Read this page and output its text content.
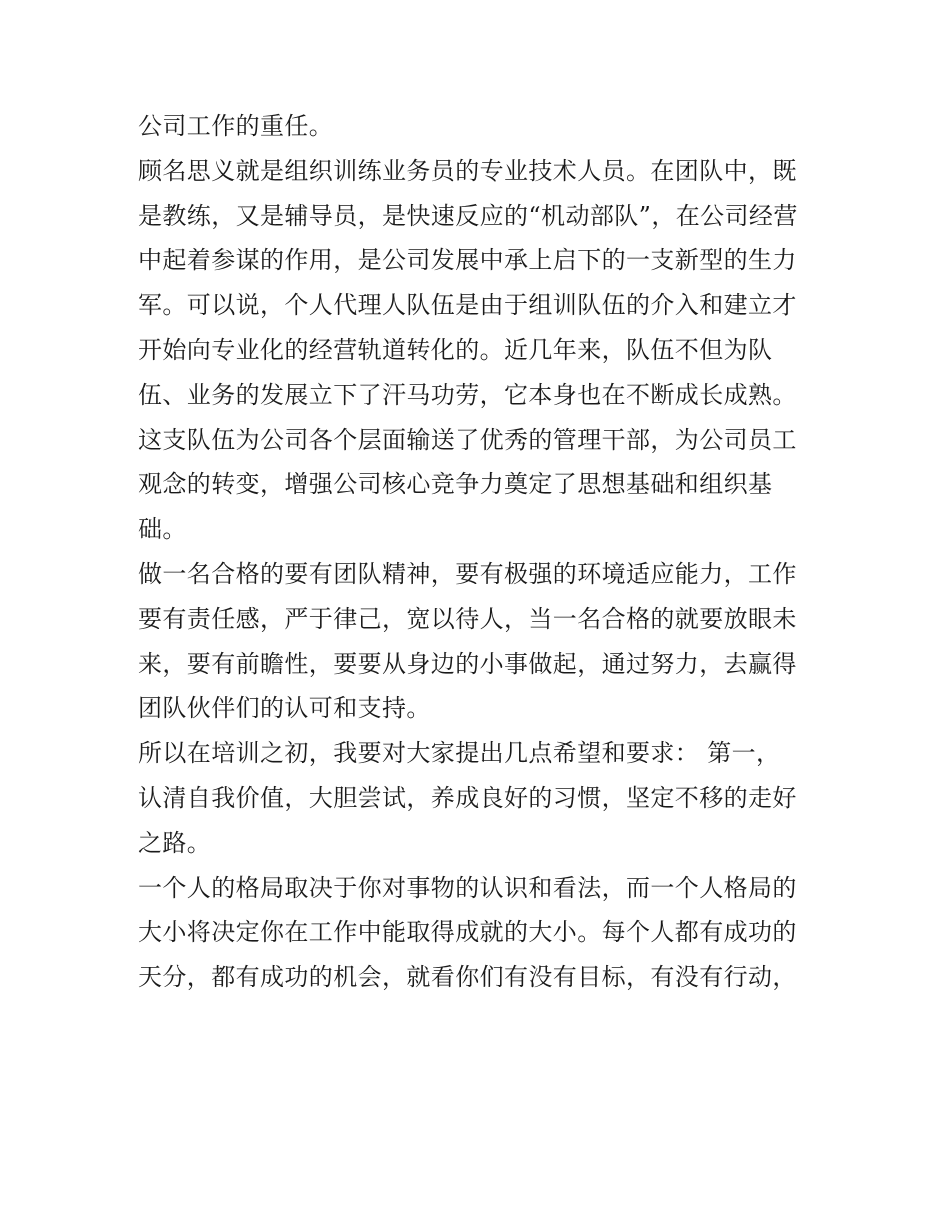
公司工作的重任。
顾名思义就是组织训练业务员的专业技术人员。在团队中，既
是教练，又是辅导员，是快速反应的“机动部队”，在公司经营
中起着参谋的作用，是公司发展中承上启下的一支新型的生力
军。可以说，个人代理人队伍是由于组训队伍的介入和建立才
开始向专业化的经营轨道转化的。近几年来，队伍不但为队
伍、业务的发展立下了汗马功劳，它本身也在不断成长成熟。
这支队伍为公司各个层面输送了优秀的管理干部，为公司员工
观念的转变，增强公司核心竞争力奠定了思想基础和组织基
础。
做一名合格的要有团队精神，要有极强的环境适应能力，工作
要有责任感，严于律己，宽以待人，当一名合格的就要放眼未
来，要有前瞻性，要要从身边的小事做起，通过努力，去赢得
团队伙伴们的认可和支持。
所以在培训之初，我要对大家提出几点希望和要求： 第一，
认清自我价值，大胆尝试，养成良好的习惯，坚定不移的走好
之路。
一个人的格局取决于你对事物的认识和看法，而一个人格局的
大小将决定你在工作中能取得成就的大小。每个人都有成功的
天分，都有成功的机会，就看你们有没有目标，有没有行动，
